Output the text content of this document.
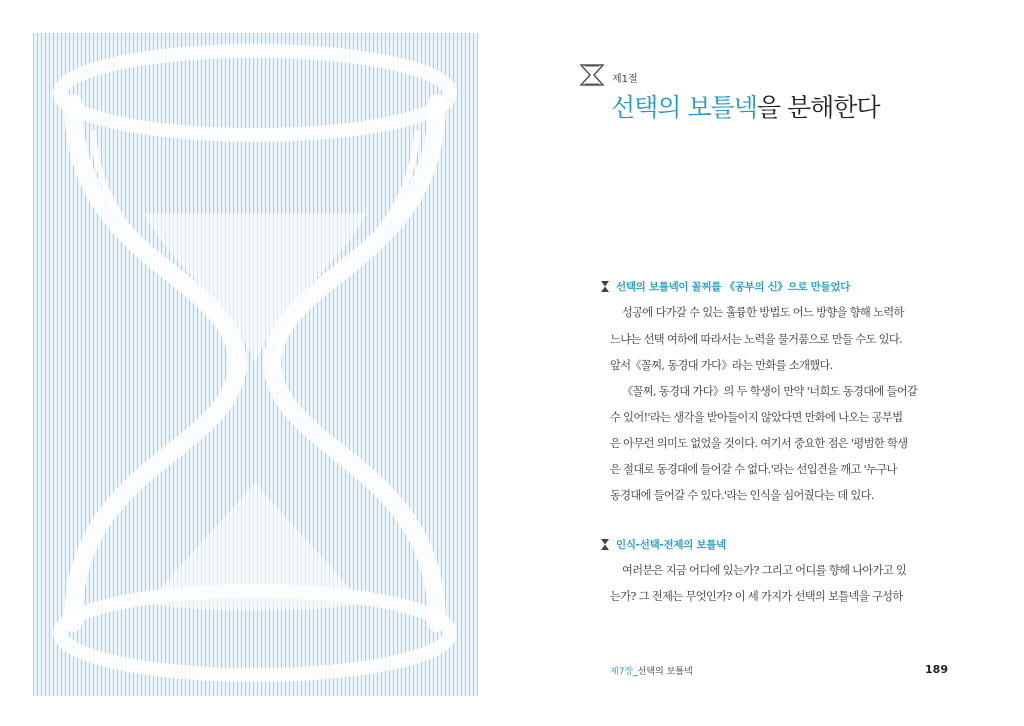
제1절
선택의 보틀넥을 분해한다
선택의 보틀넥이 꼴찌를 《공부의 신》으로 만들었다
성공에 다가갈 수 있는 훌륭한 방법도 어느 방향을 향해 노력하
느냐는 선택 여하에 따라서는 노력을 물거품으로 만들 수도 있다.
앞서《꼴찌, 동경대 가다》라는 만화를 소개했다.
《꼴찌, 동경대 가다》의 두 학생이 만약 '너희도 동경대에 들어갈
수 있어!'라는 생각을 받아들이지 않았다면 만화에 나오는 공부법
은 아무런 의미도 없었을 것이다. 여기서 중요한 점은 '평범한 학생
은 절대로 동경대에 들어갈 수 없다.'라는 선입견을 깨고 '누구나
동경대에 들어갈 수 있다.'라는 인식을 심어줬다는 데 있다.
인식-선택-전제의 보틀넥
여러분은 지금 어디에 있는가? 그리고 어디를 향해 나아가고 있
는가? 그 전제는 무엇인가? 이 세 가지가 선택의 보틀넥을 구성하
제7장_선택의 보틀넥	189
